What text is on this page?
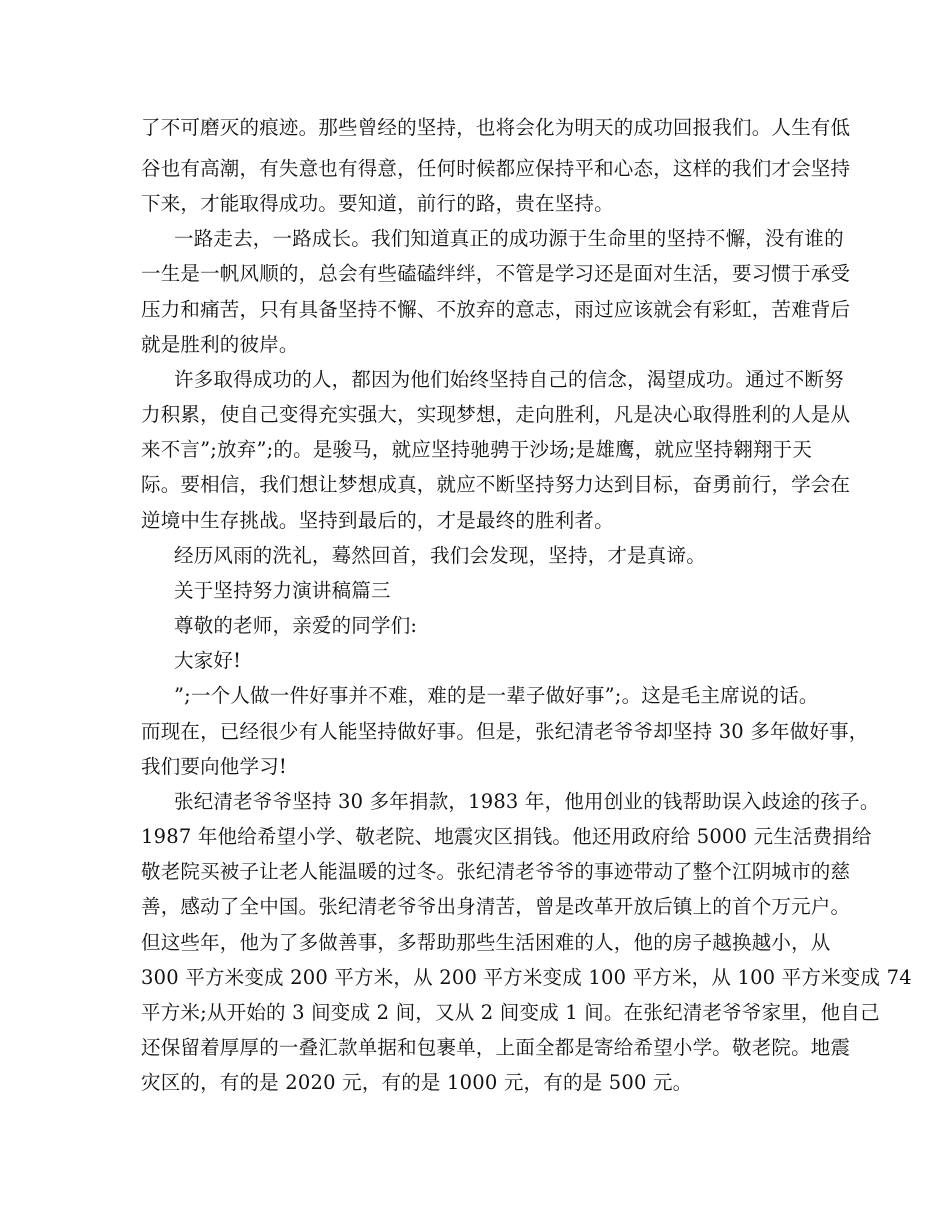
了不可磨灭的痕迹。那些曾经的坚持，也将会化为明天的成功回报我们。人生有低
谷也有高潮，有失意也有得意，任何时候都应保持平和心态，这样的我们才会坚持
下来，才能取得成功。要知道，前行的路，贵在坚持。
一路走去，一路成长。我们知道真正的成功源于生命里的坚持不懈，没有谁的
一生是一帆风顺的，总会有些磕磕绊绊，不管是学习还是面对生活，要习惯于承受
压力和痛苦，只有具备坚持不懈、不放弃的意志，雨过应该就会有彩虹，苦难背后
就是胜利的彼岸。
许多取得成功的人，都因为他们始终坚持自己的信念，渴望成功。通过不断努
力积累，使自己变得充实强大，实现梦想，走向胜利，凡是决心取得胜利的人是从
来不言”;放弃”;的。是骏马，就应坚持驰骋于沙场;是雄鹰，就应坚持翱翔于天
际。要相信，我们想让梦想成真，就应不断坚持努力达到目标，奋勇前行，学会在
逆境中生存挑战。坚持到最后的，才是最终的胜利者。
经历风雨的洗礼，蓦然回首，我们会发现，坚持，才是真谛。
关于坚持努力演讲稿篇三
尊敬的老师，亲爱的同学们:
大家好!
”;一个人做一件好事并不难，难的是一辈子做好事”;。这是毛主席说的话。
而现在，已经很少有人能坚持做好事。但是，张纪清老爷爷却坚持 30 多年做好事，
我们要向他学习!
张纪清老爷爷坚持 30 多年捐款，1983 年，他用创业的钱帮助误入歧途的孩子。
1987 年他给希望小学、敬老院、地震灾区捐钱。他还用政府给 5000 元生活费捐给
敬老院买被子让老人能温暖的过冬。张纪清老爷爷的事迹带动了整个江阴城市的慈
善，感动了全中国。张纪清老爷爷出身清苦，曾是改革开放后镇上的首个万元户。
但这些年，他为了多做善事，多帮助那些生活困难的人，他的房子越换越小，从
300 平方米变成 200 平方米，从 200 平方米变成 100 平方米，从 100 平方米变成 74
平方米;从开始的 3 间变成 2 间，又从 2 间变成 1 间。在张纪清老爷爷家里，他自己
还保留着厚厚的一叠汇款单据和包裹单，上面全都是寄给希望小学。敬老院。地震
灾区的，有的是 2020 元，有的是 1000 元，有的是 500 元。
